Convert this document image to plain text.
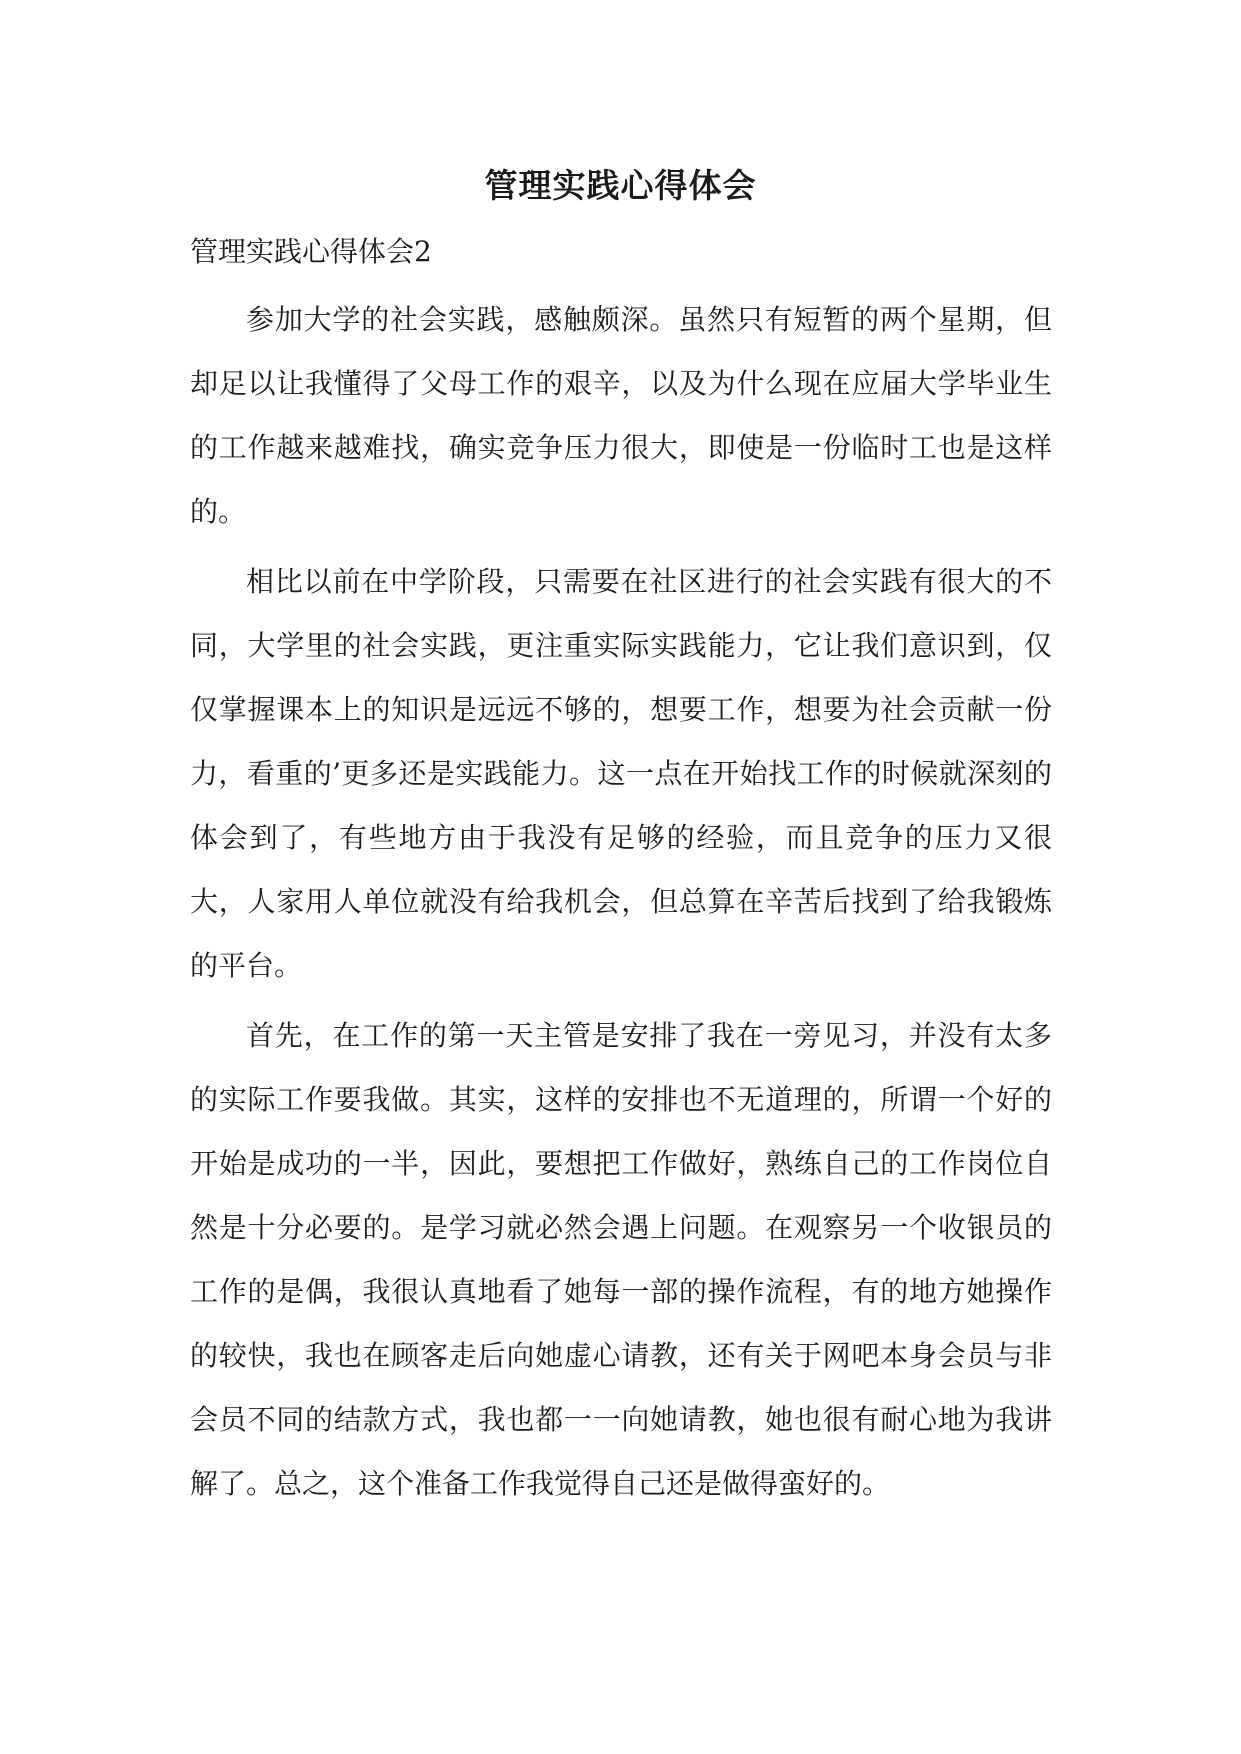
管理实践心得体会

管理实践心得体会2

参加大学的社会实践，感触颇深。虽然只有短暂的两个星期，但却足以让我懂得了父母工作的艰辛，以及为什么现在应届大学毕业生的工作越来越难找，确实竞争压力很大，即使是一份临时工也是这样的。

相比以前在中学阶段，只需要在社区进行的社会实践有很大的不同，大学里的社会实践，更注重实际实践能力，它让我们意识到，仅仅掌握课本上的知识是远远不够的，想要工作，想要为社会贡献一份力，看重的’更多还是实践能力。这一点在开始找工作的时候就深刻的体会到了，有些地方由于我没有足够的经验，而且竞争的压力又很大，人家用人单位就没有给我机会，但总算在辛苦后找到了给我锻炼的平台。

首先，在工作的第一天主管是安排了我在一旁见习，并没有太多的实际工作要我做。其实，这样的安排也不无道理的，所谓一个好的开始是成功的一半，因此，要想把工作做好，熟练自己的工作岗位自然是十分必要的。是学习就必然会遇上问题。在观察另一个收银员的工作的是偶，我很认真地看了她每一部的操作流程，有的地方她操作的较快，我也在顾客走后向她虚心请教，还有关于网吧本身会员与非会员不同的结款方式，我也都一一向她请教，她也很有耐心地为我讲解了。总之，这个准备工作我觉得自己还是做得蛮好的。
